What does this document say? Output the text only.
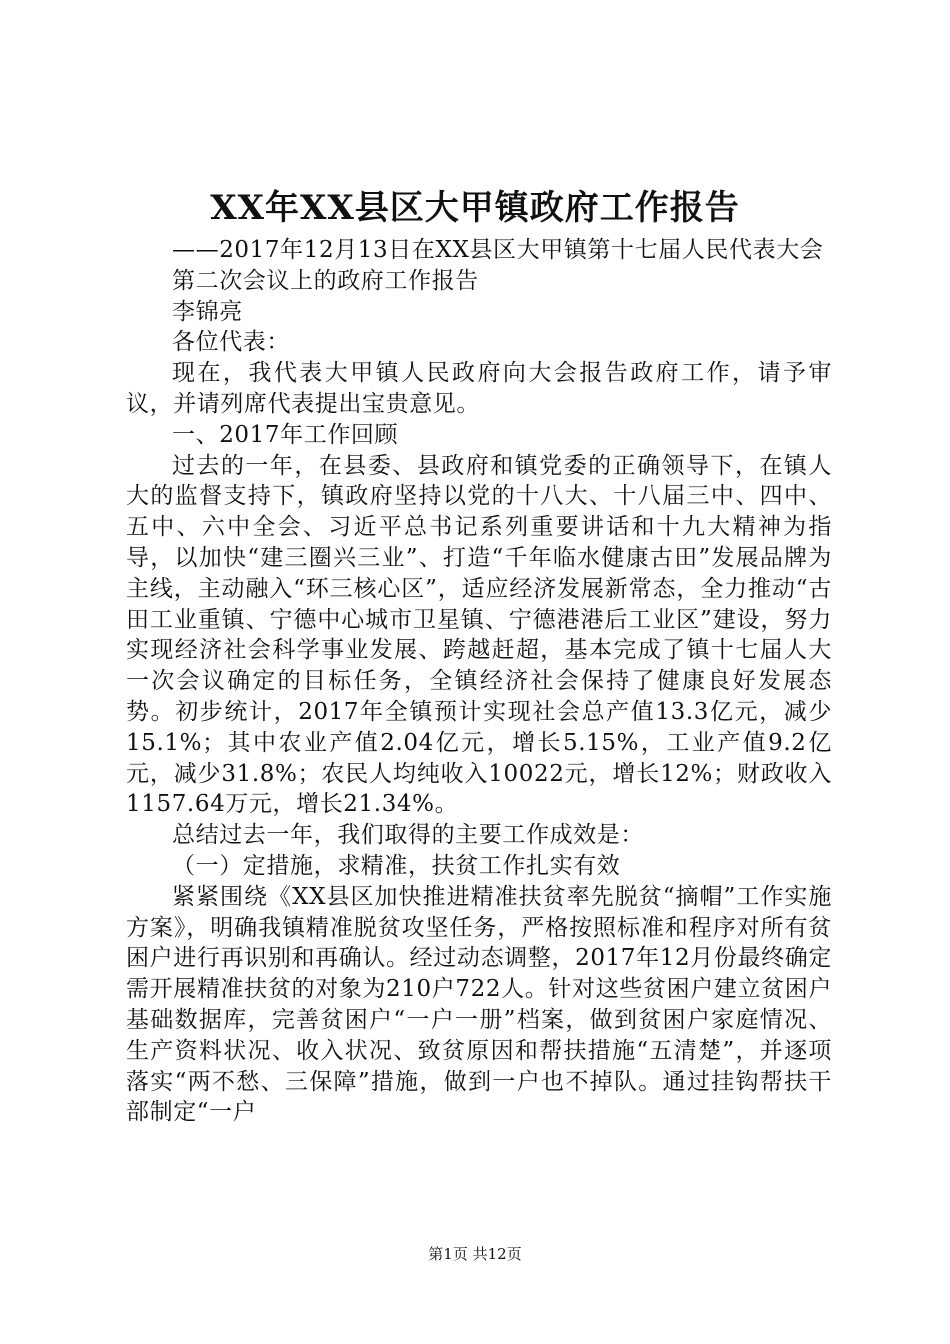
XX年XX县区大甲镇政府工作报告

——2017年12月13日在XX县区大甲镇第十七届人民代表大会

第二次会议上的政府工作报告

李锦亮

各位代表：

现在，我代表大甲镇人民政府向大会报告政府工作，请予审议，并请列席代表提出宝贵意见。

一、2017年工作回顾

过去的一年，在县委、县政府和镇党委的正确领导下，在镇人大的监督支持下，镇政府坚持以党的十八大、十八届三中、四中、五中、六中全会、习近平总书记系列重要讲话和十九大精神为指导，以加快“建三圈兴三业”、打造“千年临水健康古田”发展品牌为主线，主动融入“环三核心区”，适应经济发展新常态，全力推动“古田工业重镇、宁德中心城市卫星镇、宁德港港后工业区”建设，努力实现经济社会科学事业发展、跨越赶超，基本完成了镇十七届人大一次会议确定的目标任务，全镇经济社会保持了健康良好发展态势。初步统计，2017年全镇预计实现社会总产值13.3亿元，减少15.1%；其中农业产值2.04亿元，增长5.15%，工业产值9.2亿元，减少31.8%；农民人均纯收入10022元，增长12%；财政收入1157.64万元，增长21.34%。

总结过去一年，我们取得的主要工作成效是：

（一）定措施，求精准，扶贫工作扎实有效

紧紧围绕《XX县区加快推进精准扶贫率先脱贫“摘帽”工作实施方案》，明确我镇精准脱贫攻坚任务，严格按照标准和程序对所有贫困户进行再识别和再确认。经过动态调整，2017年12月份最终确定需开展精准扶贫的对象为210户722人。针对这些贫困户建立贫困户基础数据库，完善贫困户“一户一册”档案，做到贫困户家庭情况、生产资料状况、收入状况、致贫原因和帮扶措施“五清楚”，并逐项落实“两不愁、三保障”措施，做到一户也不掉队。通过挂钩帮扶干部制定“一户

第1页 共12页
